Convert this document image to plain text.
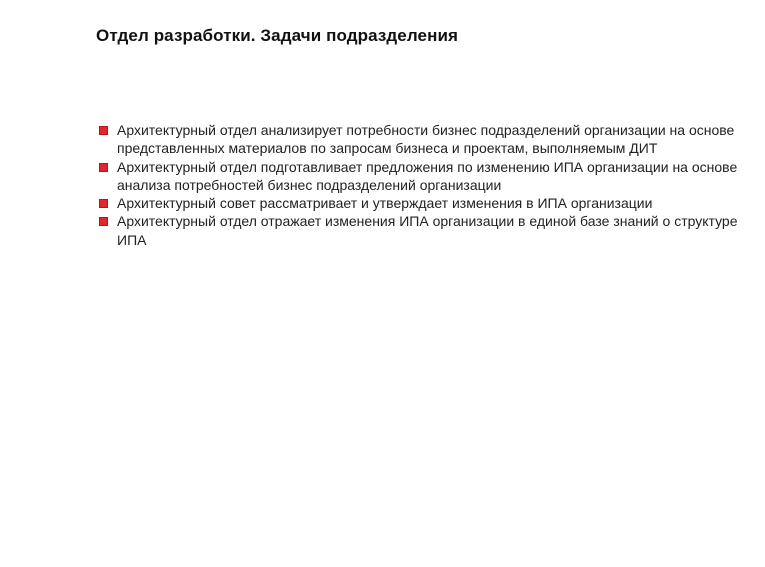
Отдел разработки. Задачи подразделения
Архитектурный отдел анализирует потребности бизнес подразделений организации на основе представленных материалов по запросам бизнеса и проектам, выполняемым ДИТ
Архитектурный отдел подготавливает предложения по изменению ИПА организации на основе анализа потребностей бизнес подразделений организации
Архитектурный совет рассматривает и утверждает изменения в ИПА организации
Архитектурный отдел отражает изменения ИПА организации в единой базе знаний о структуре ИПА
